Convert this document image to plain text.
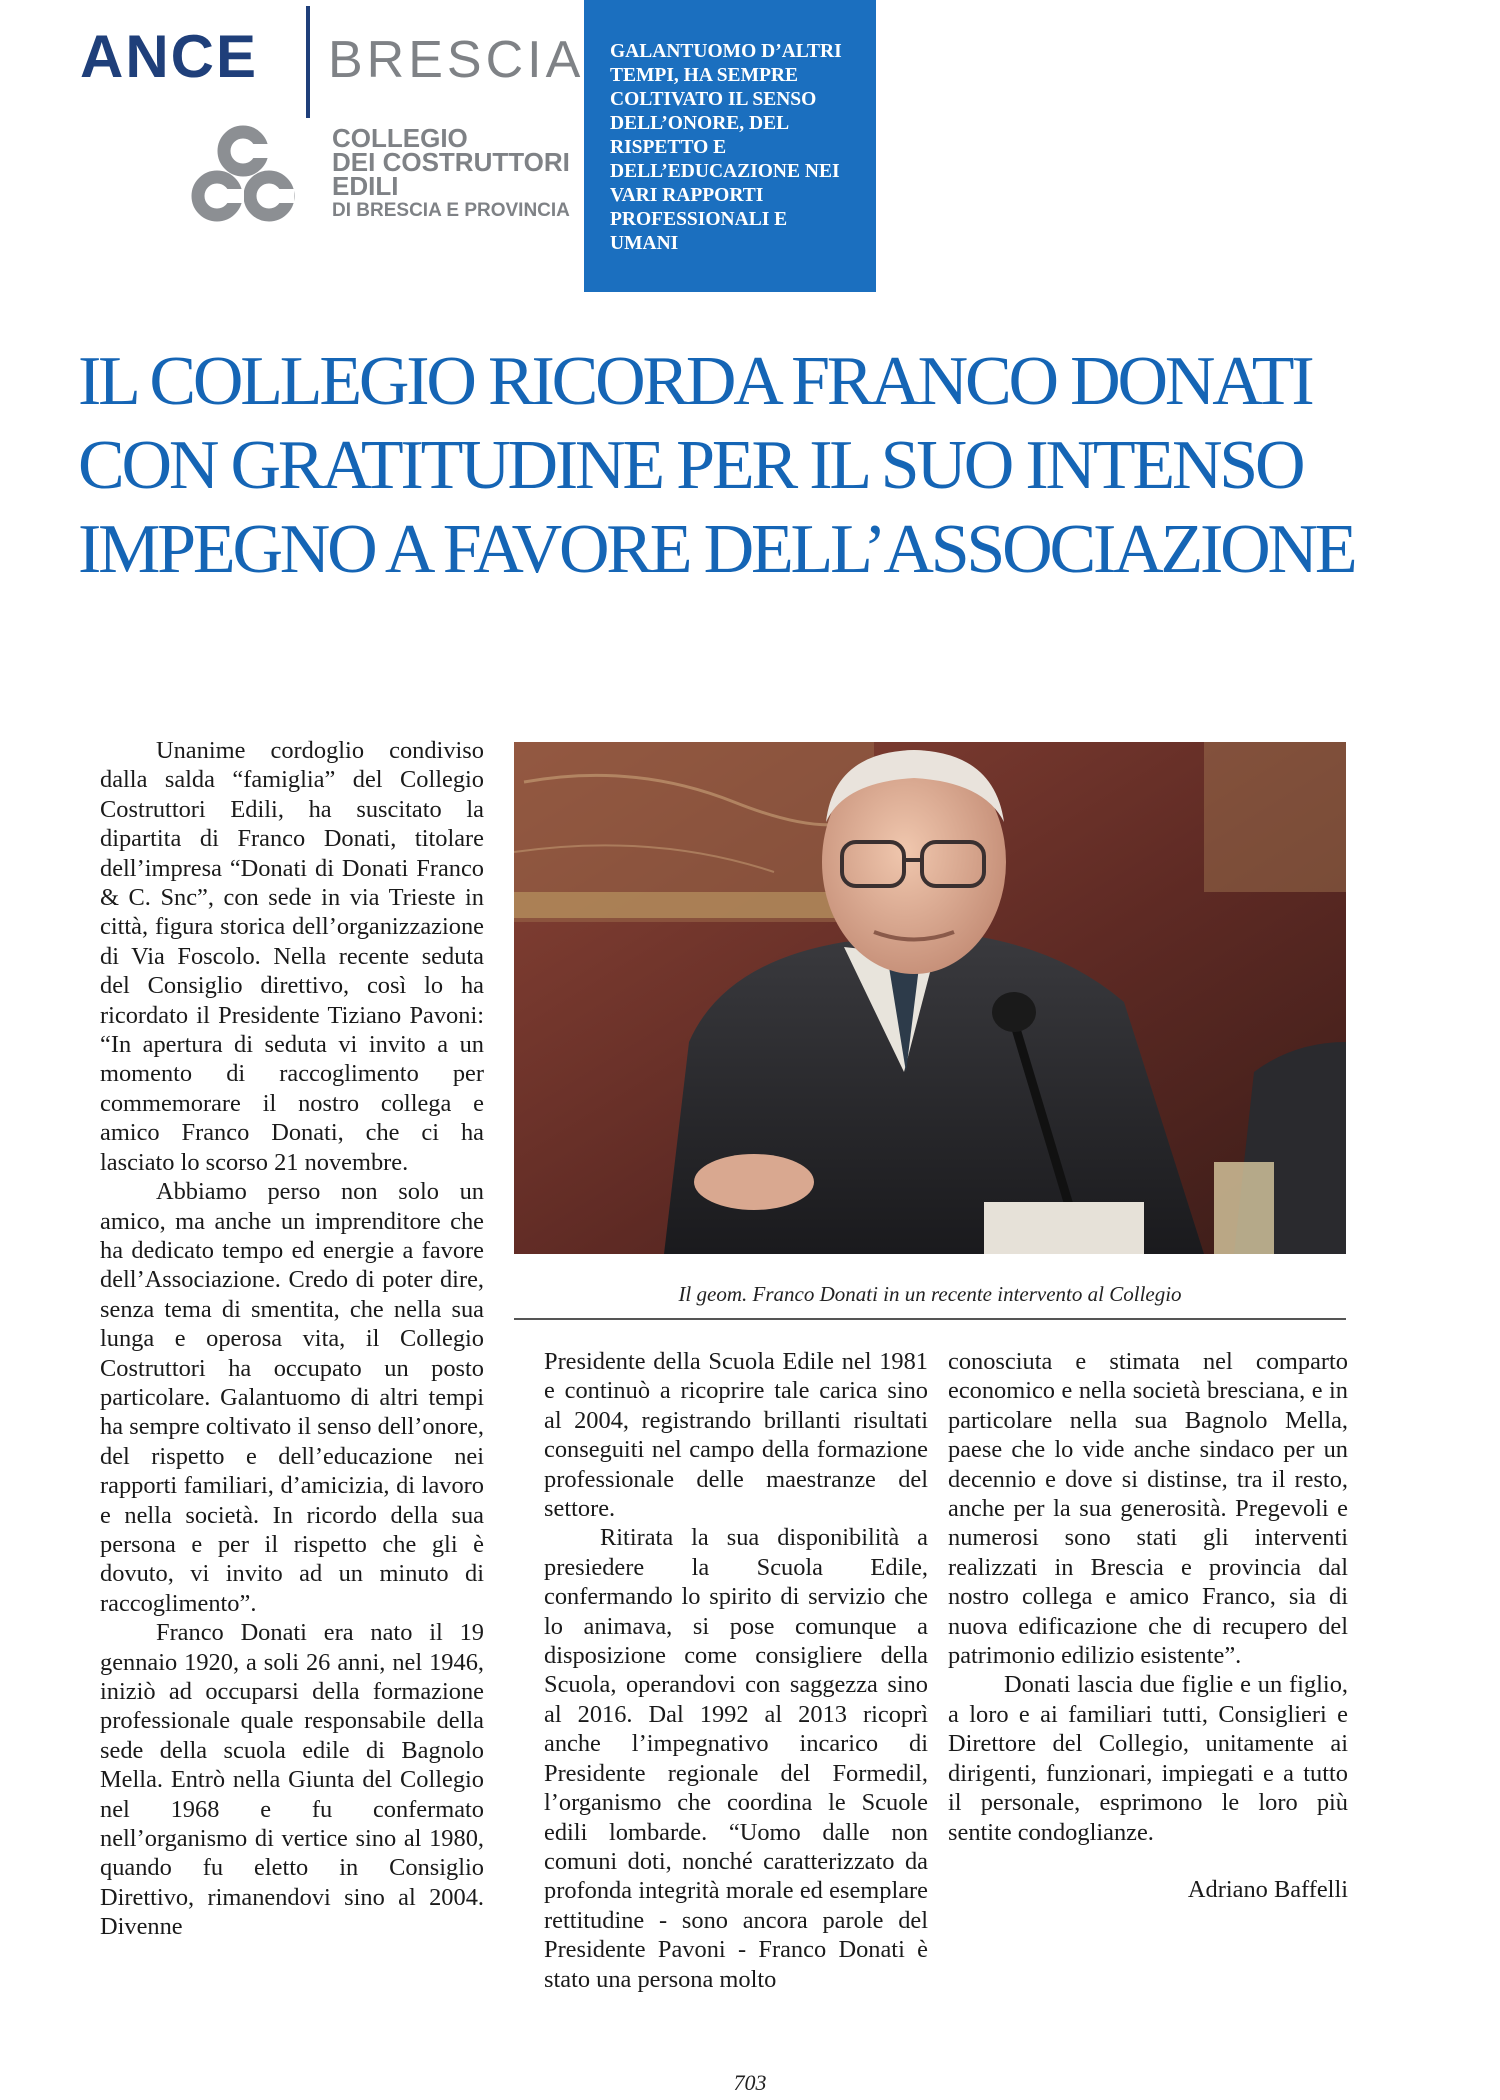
ANCE BRESCIA
COLLEGIO
DEI COSTRUTTORI
EDILI
DI BRESCIA E PROVINCIA

GALANTUOMO D’ALTRI TEMPI, HA SEMPRE COLTIVATO IL SENSO DELL’ONORE, DEL RISPETTO E DELL’EDUCAZIONE NEI VARI RAPPORTI PROFESSIONALI E UMANI

IL COLLEGIO RICORDA FRANCO DONATI
CON GRATITUDINE PER IL SUO INTENSO
IMPEGNO A FAVORE DELL’ASSOCIAZIONE

Il geom. Franco Donati in un recente intervento al Collegio

Unanime cordoglio condiviso dalla salda “famiglia” del Collegio Costruttori Edili, ha suscitato la dipartita di Franco Donati, titolare dell’impresa “Donati di Donati Franco & C. Snc”, con sede in via Trieste in città, figura storica dell’organizzazione di Via Foscolo. Nella recente seduta del Consiglio direttivo, così lo ha ricordato il Presidente Tiziano Pavoni: “In apertura di seduta vi invito a un momento di raccoglimento per commemorare il nostro collega e amico Franco Donati, che ci ha lasciato lo scorso 21 novembre.

Abbiamo perso non solo un amico, ma anche un imprenditore che ha dedicato tempo ed energie a favore dell’Associazione. Credo di poter dire, senza tema di smentita, che nella sua lunga e operosa vita, il Collegio Costruttori ha occupato un posto particolare. Galantuomo di altri tempi ha sempre coltivato il senso dell’onore, del rispetto e dell’educazione nei rapporti familiari, d’amicizia, di lavoro e nella società. In ricordo della sua persona e per il rispetto che gli è dovuto, vi invito ad un minuto di raccoglimento”.

Franco Donati era nato il 19 gennaio 1920, a soli 26 anni, nel 1946, iniziò ad occuparsi della formazione professionale quale responsabile della sede della scuola edile di Bagnolo Mella. Entrò nella Giunta del Collegio nel 1968 e fu confermato nell’organismo di vertice sino al 1980, quando fu eletto in Consiglio Direttivo, rimanendovi sino al 2004. Divenne

Presidente della Scuola Edile nel 1981 e continuò a ricoprire tale carica sino al 2004, registrando brillanti risultati conseguiti nel campo della formazione professionale delle maestranze del settore.

Ritirata la sua disponibilità a presiedere la Scuola Edile, confermando lo spirito di servizio che lo animava, si pose comunque a disposizione come consigliere della Scuola, operandovi con saggezza sino al 2016. Dal 1992 al 2013 ricoprì anche l’impegnativo incarico di Presidente regionale del Formedil, l’organismo che coordina le Scuole edili lombarde. “Uomo dalle non comuni doti, nonché caratterizzato da profonda integrità morale ed esemplare rettitudine - sono ancora parole del Presidente Pavoni - Franco Donati è stato una persona molto

conosciuta e stimata nel comparto economico e nella società bresciana, e in particolare nella sua Bagnolo Mella, paese che lo vide anche sindaco per un decennio e dove si distinse, tra il resto, anche per la sua generosità. Pregevoli e numerosi sono stati gli interventi realizzati in Brescia e provincia dal nostro collega e amico Franco, sia di nuova edificazione che di recupero del patrimonio edilizio esistente”.

Donati lascia due figlie e un figlio, a loro e ai familiari tutti, Consiglieri e Direttore del Collegio, unitamente ai dirigenti, funzionari, impiegati e a tutto il personale, esprimono le loro più sentite condoglianze.

Adriano Baffelli

703
